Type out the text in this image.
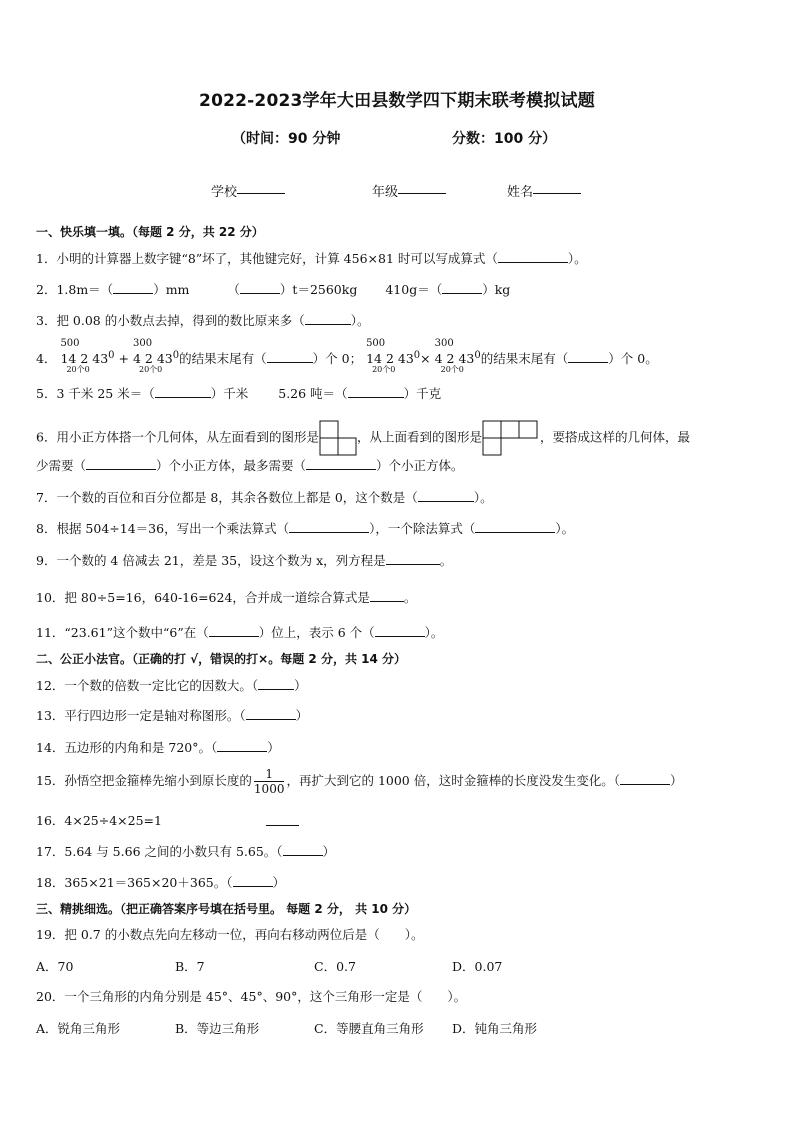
2022-2023学年大田县数学四下期末联考模拟试题
（时间：90 分钟	分数：100 分）
学校	年级	姓名
一、快乐填一填。（每题 2 分，共 22 分）
1．小明的计算器上数字键“8”坏了，其他键完好，计算 456×81 时可以写成算式（	）。
2．1.8m＝（	）mm	（	）t＝2560kg 410g＝（	）kg
3．把 0.08 的小数点去掉，得到的数比原来多（	）。
4．
500
14 2 $43^0$
20个0
+
300
4 2 $43^0$
20个0
的结果末尾有（	）个 0；
500
14 2 $43^0$
20个0
×
300
4 2 $43^0$
20个0
的结果末尾有（	）个 0。
5．3 千米 25 米＝（	）千米 5.26 吨＝（	）千克
6．用小正方体搭一个几何体，从左面看到的图形是	，从上面看到的图形是	，要搭成这样的几何体，最
少需要（	）个小正方体，最多需要（	）个小正方体。
7．一个数的百位和百分位都是 8，其余各数位上都是 0，这个数是（	）。
8．根据 504÷14＝36，写出一个乘法算式（	），一个除法算式（	）。
9．一个数的 4 倍减去 21，差是 35，设这个数为 x，列方程是	。
10．把 80÷5=16，640-16=624，合并成一道综合算式是	。
11．“23.61”这个数中“6”在（	）位上，表示 6 个（	）。
二、公正小法官。（正确的打 √，错误的打×。每题 2 分，共 14 分）
12．一个数的倍数一定比它的因数大。（	）
13．平行四边形一定是轴对称图形。（	）
14．五边形的内角和是 720°。（	）
15．孙悟空把金箍棒先缩小到原长度的 $\frac{1}{1000}$ ，再扩大到它的 1000 倍，这时金箍棒的长度没发生变化。（	）
16．4×25÷4×25=1
17．5.64 与 5.66 之间的小数只有 5.65。（	）
18．365×21＝365×20＋365。（	）
三、精挑细选。（把正确答案序号填在括号里。 每题 2 分， 共 10 分）
19．把 0.7 的小数点先向左移动一位，再向右移动两位后是（　　）。
A．70	B．7	C．0.7	D．0.07
20．一个三角形的内角分别是 45°、45°、90°，这个三角形一定是（　　）。
A．锐角三角形	B．等边三角形	C．等腰直角三角形 D．钝角三角形
